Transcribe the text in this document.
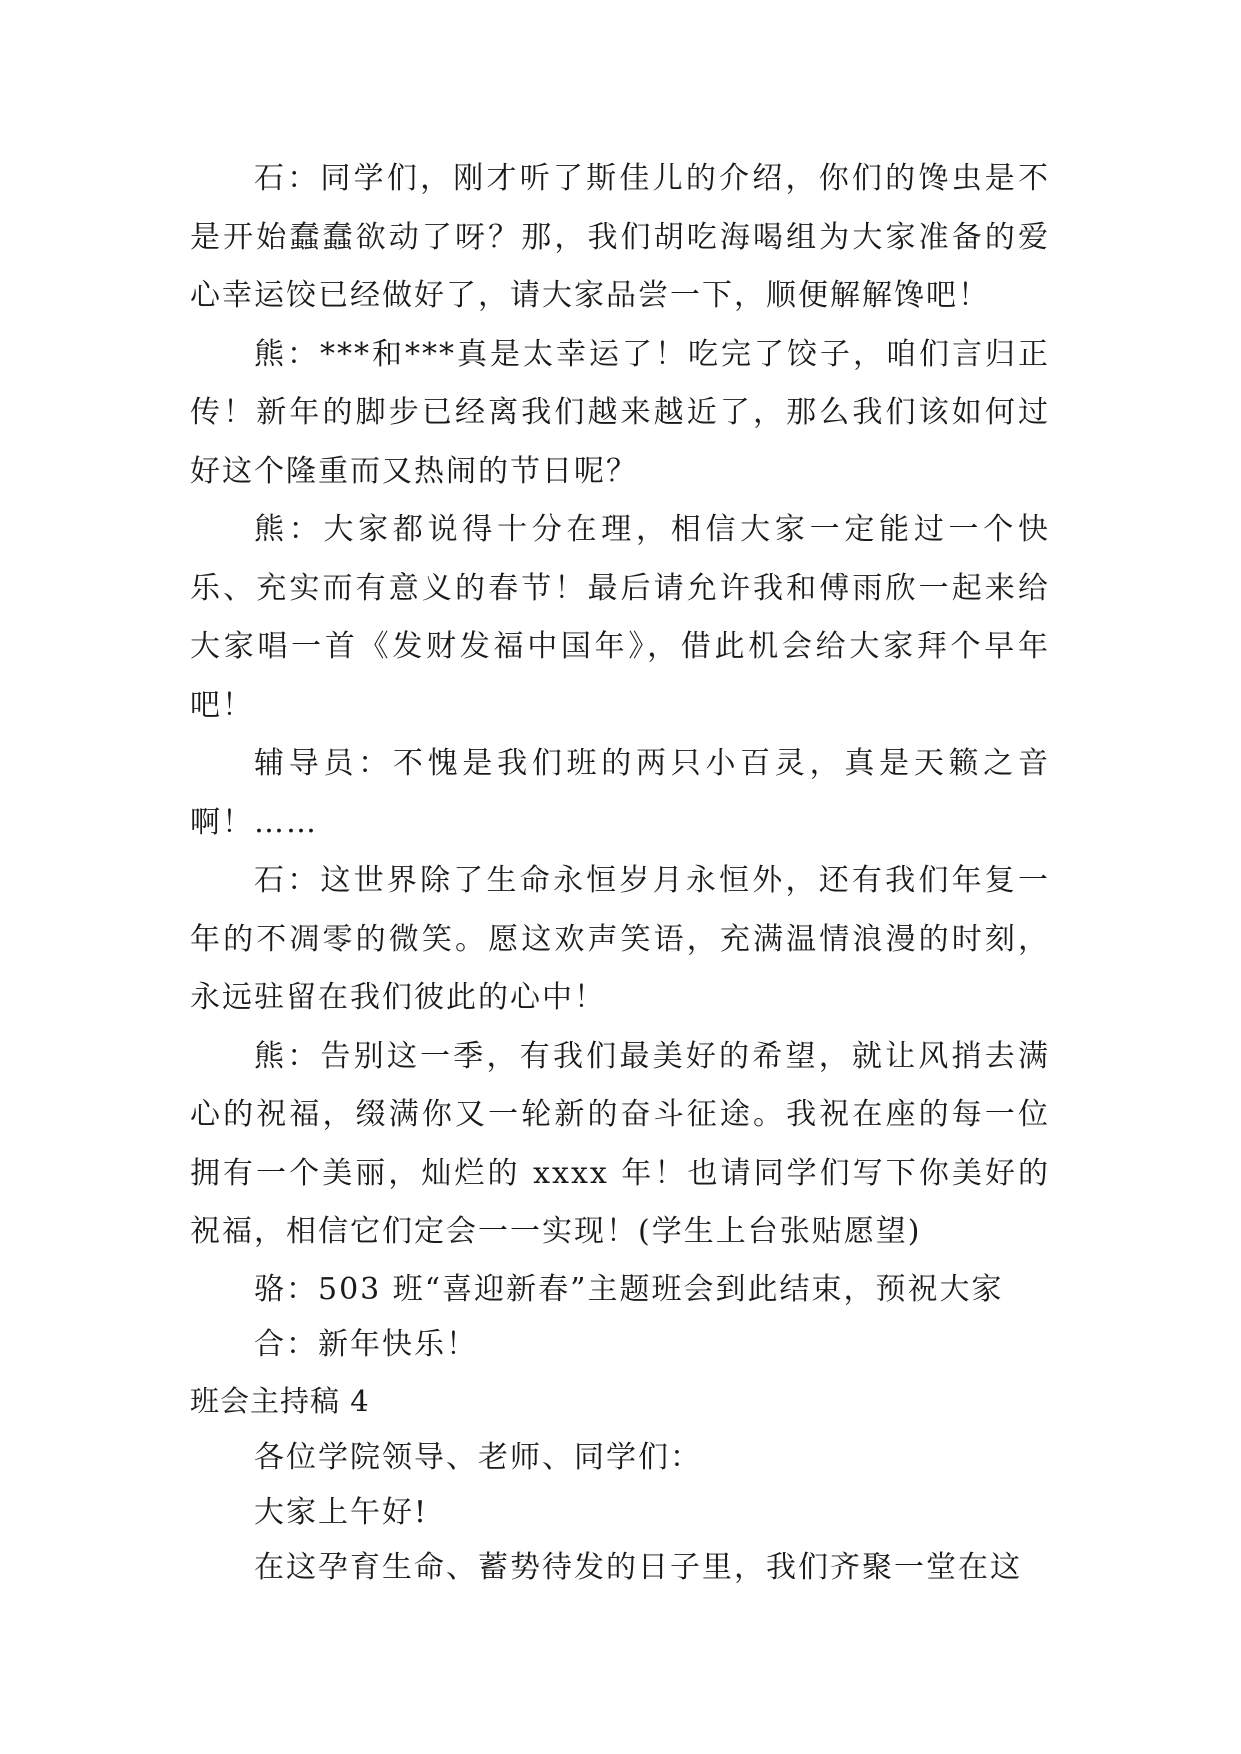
石：同学们，刚才听了斯佳儿的介绍，你们的馋虫是不是开始蠢蠢欲动了呀？那，我们胡吃海喝组为大家准备的爱心幸运饺已经做好了，请大家品尝一下，顺便解解馋吧！

熊：***和***真是太幸运了！吃完了饺子，咱们言归正传！新年的脚步已经离我们越来越近了，那么我们该如何过好这个隆重而又热闹的节日呢？

熊：大家都说得十分在理，相信大家一定能过一个快乐、充实而有意义的春节！最后请允许我和傅雨欣一起来给大家唱一首《发财发福中国年》，借此机会给大家拜个早年吧！

辅导员：不愧是我们班的两只小百灵，真是天籁之音啊！……

石：这世界除了生命永恒岁月永恒外，还有我们年复一年的不凋零的微笑。愿这欢声笑语，充满温情浪漫的时刻，永远驻留在我们彼此的心中！

熊：告别这一季，有我们最美好的希望，就让风捎去满心的祝福，缀满你又一轮新的奋斗征途。我祝在座的每一位拥有一个美丽，灿烂的 xxxx 年！也请同学们写下你美好的祝福，相信它们定会一一实现！(学生上台张贴愿望)

骆：503 班“喜迎新春”主题班会到此结束，预祝大家

合：新年快乐！

班会主持稿 4

各位学院领导、老师、同学们：

大家上午好!

在这孕育生命、蓄势待发的日子里，我们齐聚一堂在这
